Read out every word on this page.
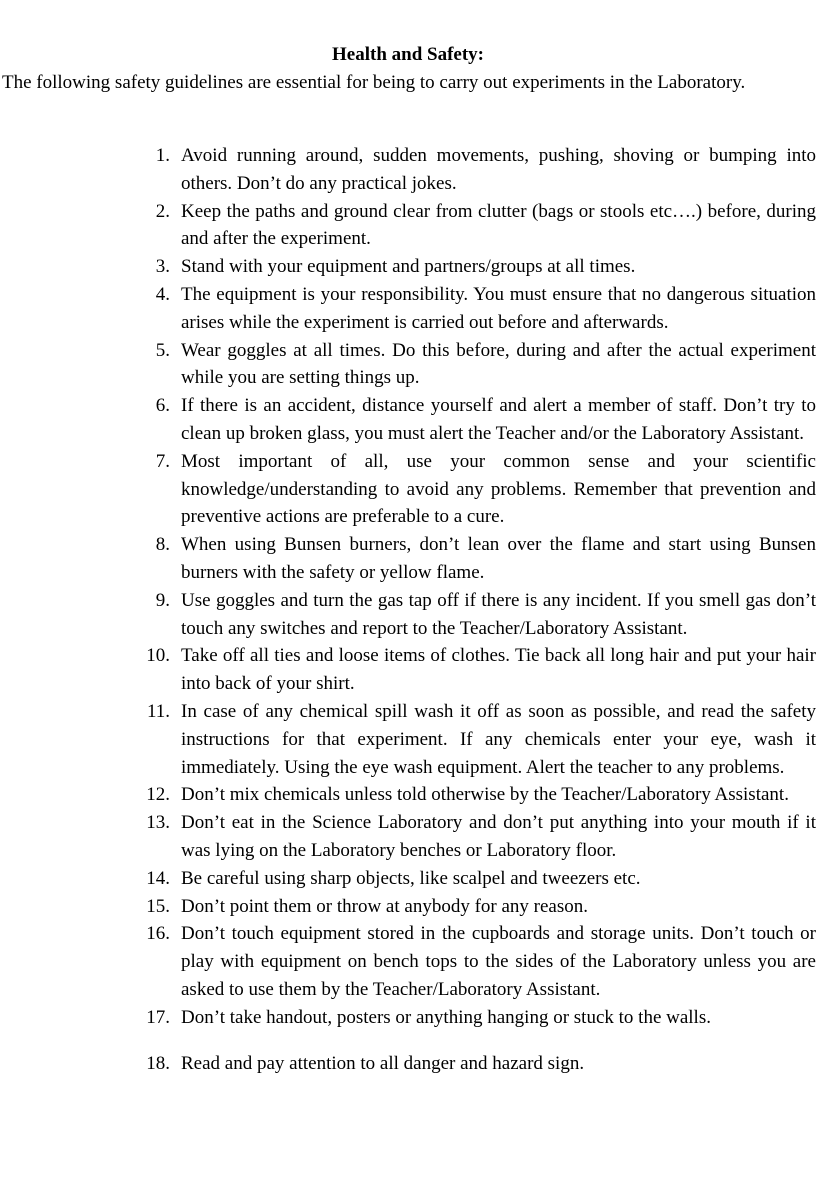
Health and Safety:

The following safety guidelines are essential for being to carry out experiments in the Laboratory.

1. Avoid running around, sudden movements, pushing, shoving or bumping into others. Don’t do any practical jokes.
2. Keep the paths and ground clear from clutter (bags or stools etc….) before, during and after the experiment.
3. Stand with your equipment and partners/groups at all times.
4. The equipment is your responsibility. You must ensure that no dangerous situation arises while the experiment is carried out before and afterwards.
5. Wear goggles at all times. Do this before, during and after the actual experiment while you are setting things up.
6. If there is an accident, distance yourself and alert a member of staff. Don’t try to clean up broken glass, you must alert the Teacher and/or the Laboratory Assistant.
7. Most important of all, use your common sense and your scientific knowledge/understanding to avoid any problems. Remember that prevention and preventive actions are preferable to a cure.
8. When using Bunsen burners, don’t lean over the flame and start using Bunsen burners with the safety or yellow flame.
9. Use goggles and turn the gas tap off if there is any incident. If you smell gas don’t touch any switches and report to the Teacher/Laboratory Assistant.
10. Take off all ties and loose items of clothes. Tie back all long hair and put your hair into back of your shirt.
11. In case of any chemical spill wash it off as soon as possible, and read the safety instructions for that experiment. If any chemicals enter your eye, wash it immediately. Using the eye wash equipment. Alert the teacher to any problems.
12. Don’t mix chemicals unless told otherwise by the Teacher/Laboratory Assistant.
13. Don’t eat in the Science Laboratory and don’t put anything into your mouth if it was lying on the Laboratory benches or Laboratory floor.
14. Be careful using sharp objects, like scalpel and tweezers etc.
15. Don’t point them or throw at anybody for any reason.
16. Don’t touch equipment stored in the cupboards and storage units. Don’t touch or play with equipment on bench tops to the sides of the Laboratory unless you are asked to use them by the Teacher/Laboratory Assistant.
17. Don’t take handout, posters or anything hanging or stuck to the walls.
18. Read and pay attention to all danger and hazard sign.
